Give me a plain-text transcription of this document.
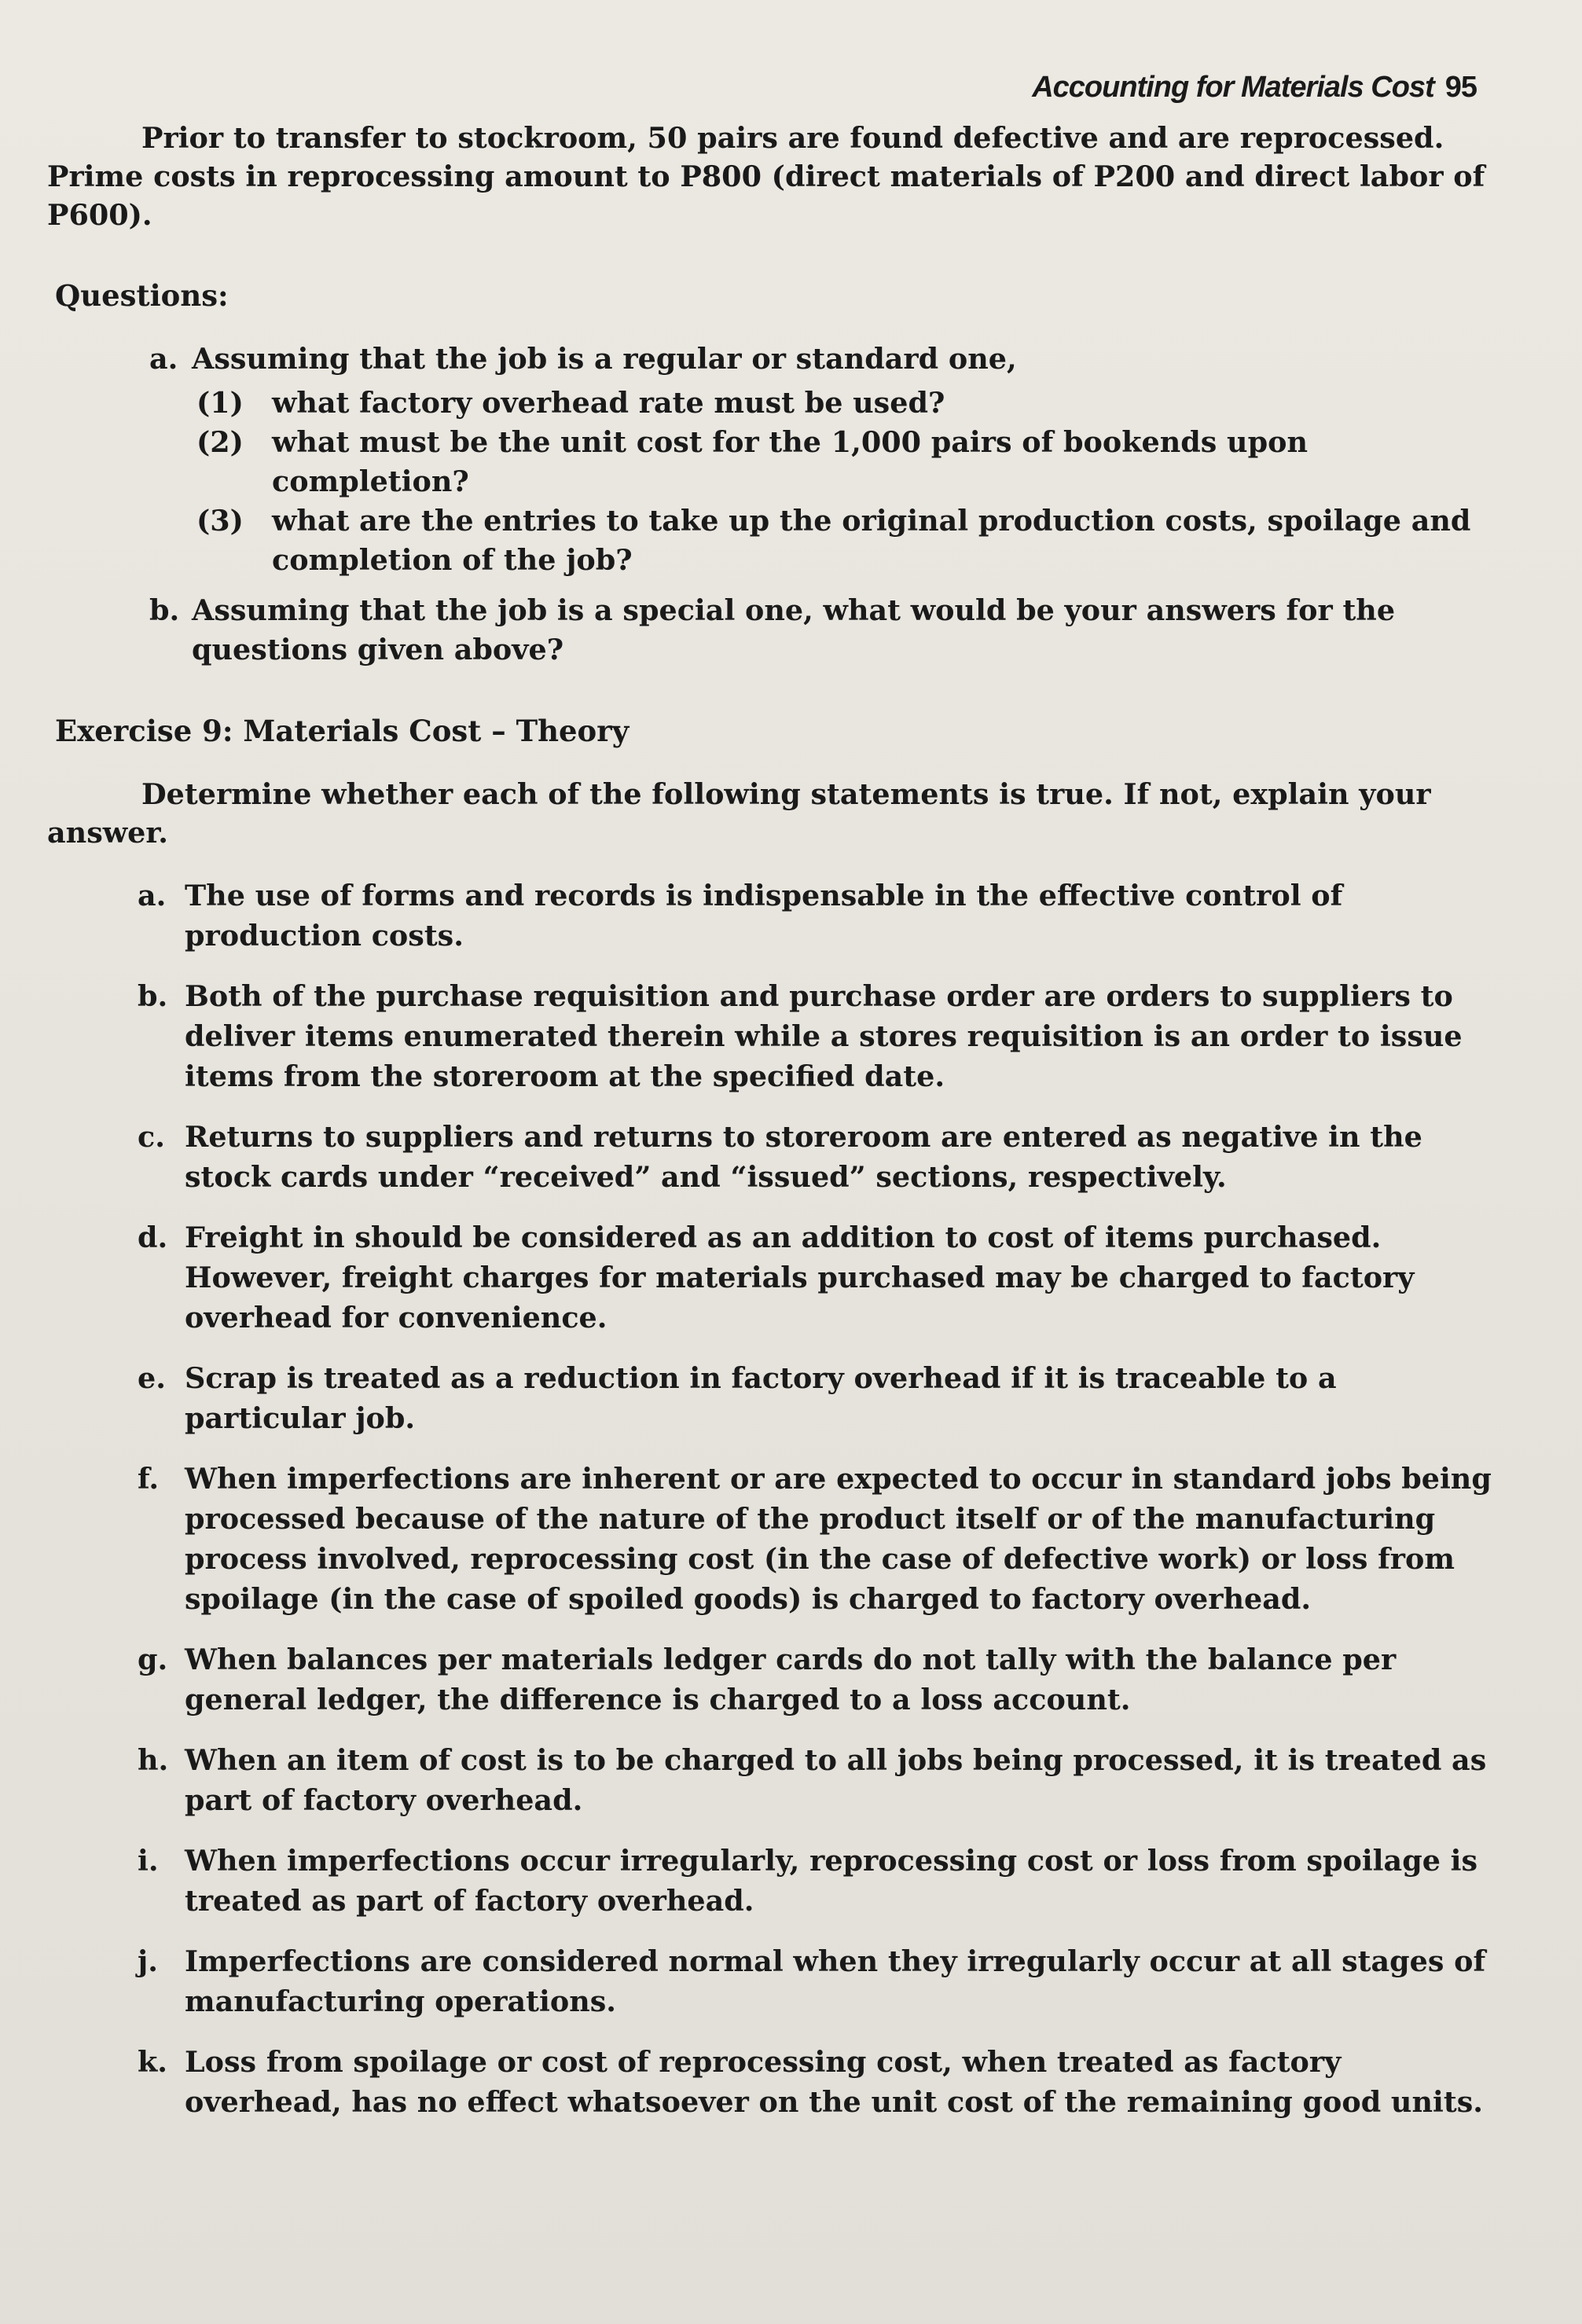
Accounting for Materials Cost 95

Prior to transfer to stockroom, 50 pairs are found defective and are reprocessed. Prime costs in reprocessing amount to P800 (direct materials of P200 and direct labor of P600).

Questions:
a. Assuming that the job is a regular or standard one,
(1) what factory overhead rate must be used?
(2) what must be the unit cost for the 1,000 pairs of bookends upon completion?
(3) what are the entries to take up the original production costs, spoilage and completion of the job?
b. Assuming that the job is a special one, what would be your answers for the questions given above?
Exercise 9: Materials Cost – Theory

Determine whether each of the following statements is true. If not, explain your answer.

a. The use of forms and records is indispensable in the effective control of production costs.
b. Both of the purchase requisition and purchase order are orders to suppliers to deliver items enumerated therein while a stores requisition is an order to issue items from the storeroom at the specified date.
c. Returns to suppliers and returns to storeroom are entered as negative in the stock cards under “received” and “issued” sections, respectively.
d. Freight in should be considered as an addition to cost of items purchased. However, freight charges for materials purchased may be charged to factory overhead for convenience.
e. Scrap is treated as a reduction in factory overhead if it is traceable to a particular job.
f. When imperfections are inherent or are expected to occur in standard jobs being processed because of the nature of the product itself or of the manufacturing process involved, reprocessing cost (in the case of defective work) or loss from spoilage (in the case of spoiled goods) is charged to factory overhead.
g. When balances per materials ledger cards do not tally with the balance per general ledger, the difference is charged to a loss account.
h. When an item of cost is to be charged to all jobs being processed, it is treated as part of factory overhead.
i. When imperfections occur irregularly, reprocessing cost or loss from spoilage is treated as part of factory overhead.
j. Imperfections are considered normal when they irregularly occur at all stages of manufacturing operations.
k. Loss from spoilage or cost of reprocessing cost, when treated as factory overhead, has no effect whatsoever on the unit cost of the remaining good units.
